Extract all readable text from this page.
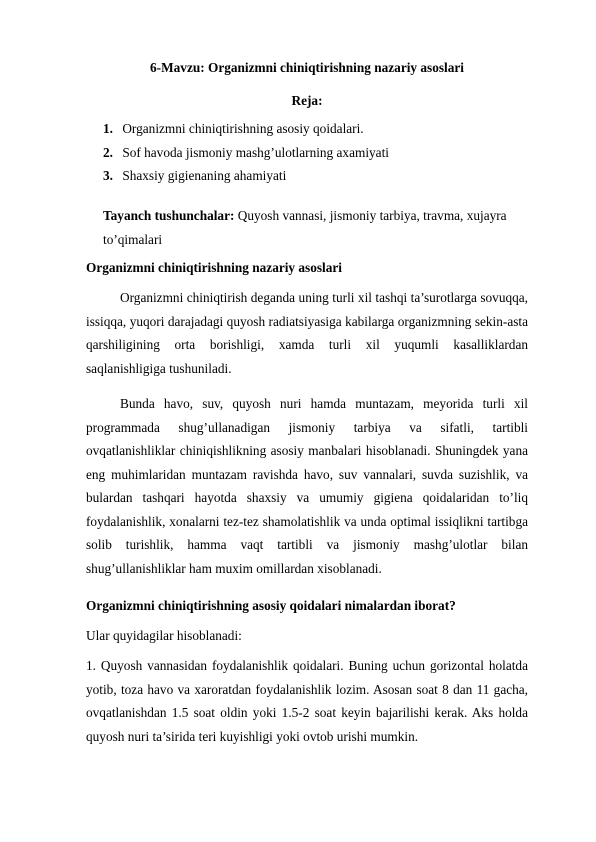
6-Mavzu: Organizmni chiniqtirishning nazariy asoslari
Reja:
1. Organizmni chiniqtirishning asosiy qoidalari.
2. Sof havoda jismoniy mashg’ulotlarning axamiyati
3. Shaxsiy gigienaning ahamiyati
Tayanch tushunchalar: Quyosh vannasi, jismoniy tarbiya, travma, xujayra to’qimalari
Organizmni chiniqtirishning nazariy asoslari
Organizmni chiniqtirish deganda uning turli xil tashqi ta’surotlarga sovuqqa, issiqqa, yuqori darajadagi quyosh radiatsiyasiga kabilarga organizmning sekin-asta qarshiligining orta borishligi, xamda turli xil yuqumli kasalliklardan saqlanishligiga tushuniladi.
Bunda havo, suv, quyosh nuri hamda muntazam, meyorida turli xil programmada shug’ullanadigan jismoniy tarbiya va sifatli, tartibli ovqatlanishliklar chiniqishlikning asosiy manbalari hisoblanadi. Shuningdek yana eng muhimlaridan muntazam ravishda havo, suv vannalari, suvda suzishlik, va bulardan tashqari hayotda shaxsiy va umumiy gigiena qoidalaridan to’liq foydalanishlik, xonalarni tez-tez shamolatishlik va unda optimal issiqlikni tartibga solib turishlik, hamma vaqt tartibli va jismoniy mashg’ulotlar bilan shug’ullanishliklar ham muxim omillardan xisoblanadi.
Organizmni chiniqtirishning asosiy qoidalari nimalardan iborat?
Ular quyidagilar hisoblanadi:
1. Quyosh vannasidan foydalanishlik qoidalari. Buning uchun gorizontal holatda yotib, toza havo va xaroratdan foydalanishlik lozim. Asosan soat 8 dan 11 gacha, ovqatlanishdan 1.5 soat oldin yoki 1.5-2 soat keyin bajarilishi kerak. Aks holda quyosh nuri ta’sirida teri kuyishligi yoki ovtob urishi mumkin.
